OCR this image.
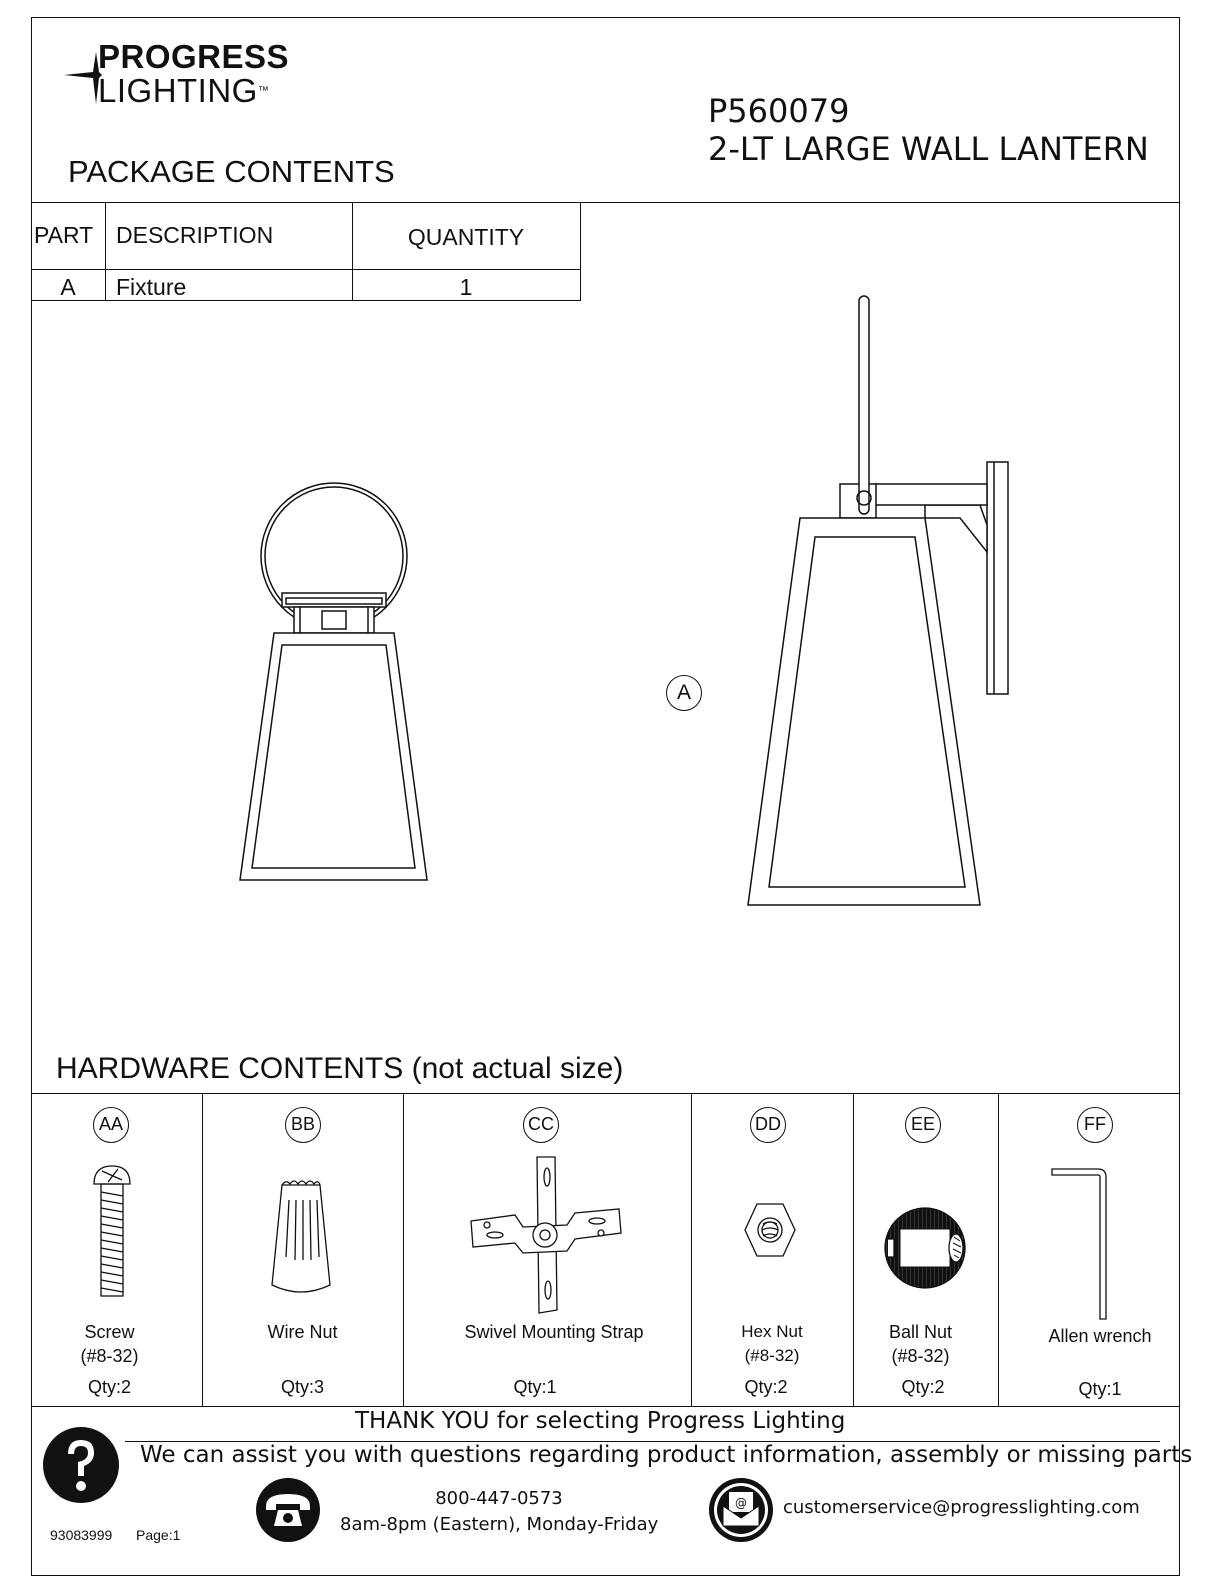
PROGRESS
LIGHTING™
P560079
2-LT LARGE WALL LANTERN
PACKAGE CONTENTS
PART DESCRIPTION	QUANTITY
A	Fixture	1
A
HARDWARE CONTENTS (not actual size)
AA
Screw
(#8-32)
Qty:2
BB
Wire Nut
Qty:3
CC
Swivel Mounting Strap
Qty:1
DD
Hex Nut
(#8-32)
Qty:2
EE
Ball Nut
(#8-32)
Qty:2
FF
Allen wrench
Qty:1
THANK YOU for selecting Progress Lighting
We can assist you with questions regarding product information, assembly or missing parts
800-447-0573
8am-8pm (Eastern), Monday-Friday
@ customerservice@progresslighting.com
93083999 Page:1
